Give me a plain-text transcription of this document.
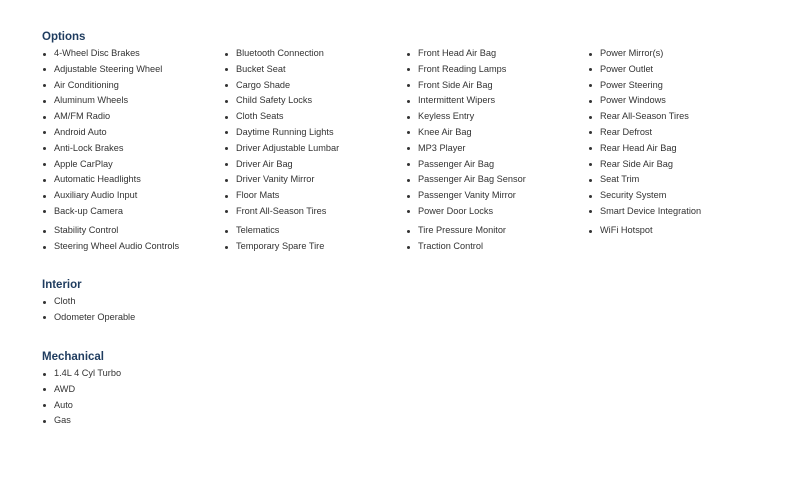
Options
4-Wheel Disc Brakes
Adjustable Steering Wheel
Air Conditioning
Aluminum Wheels
AM/FM Radio
Android Auto
Anti-Lock Brakes
Apple CarPlay
Automatic Headlights
Auxiliary Audio Input
Back-up Camera
Stability Control
Steering Wheel Audio Controls
Bluetooth Connection
Bucket Seat
Cargo Shade
Child Safety Locks
Cloth Seats
Daytime Running Lights
Driver Adjustable Lumbar
Driver Air Bag
Driver Vanity Mirror
Floor Mats
Front All-Season Tires
Telematics
Temporary Spare Tire
Front Head Air Bag
Front Reading Lamps
Front Side Air Bag
Intermittent Wipers
Keyless Entry
Knee Air Bag
MP3 Player
Passenger Air Bag
Passenger Air Bag Sensor
Passenger Vanity Mirror
Power Door Locks
Tire Pressure Monitor
Traction Control
Power Mirror(s)
Power Outlet
Power Steering
Power Windows
Rear All-Season Tires
Rear Defrost
Rear Head Air Bag
Rear Side Air Bag
Seat Trim
Security System
Smart Device Integration
WiFi Hotspot
Interior
Cloth
Odometer Operable
Mechanical
1.4L 4 Cyl Turbo
AWD
Auto
Gas
